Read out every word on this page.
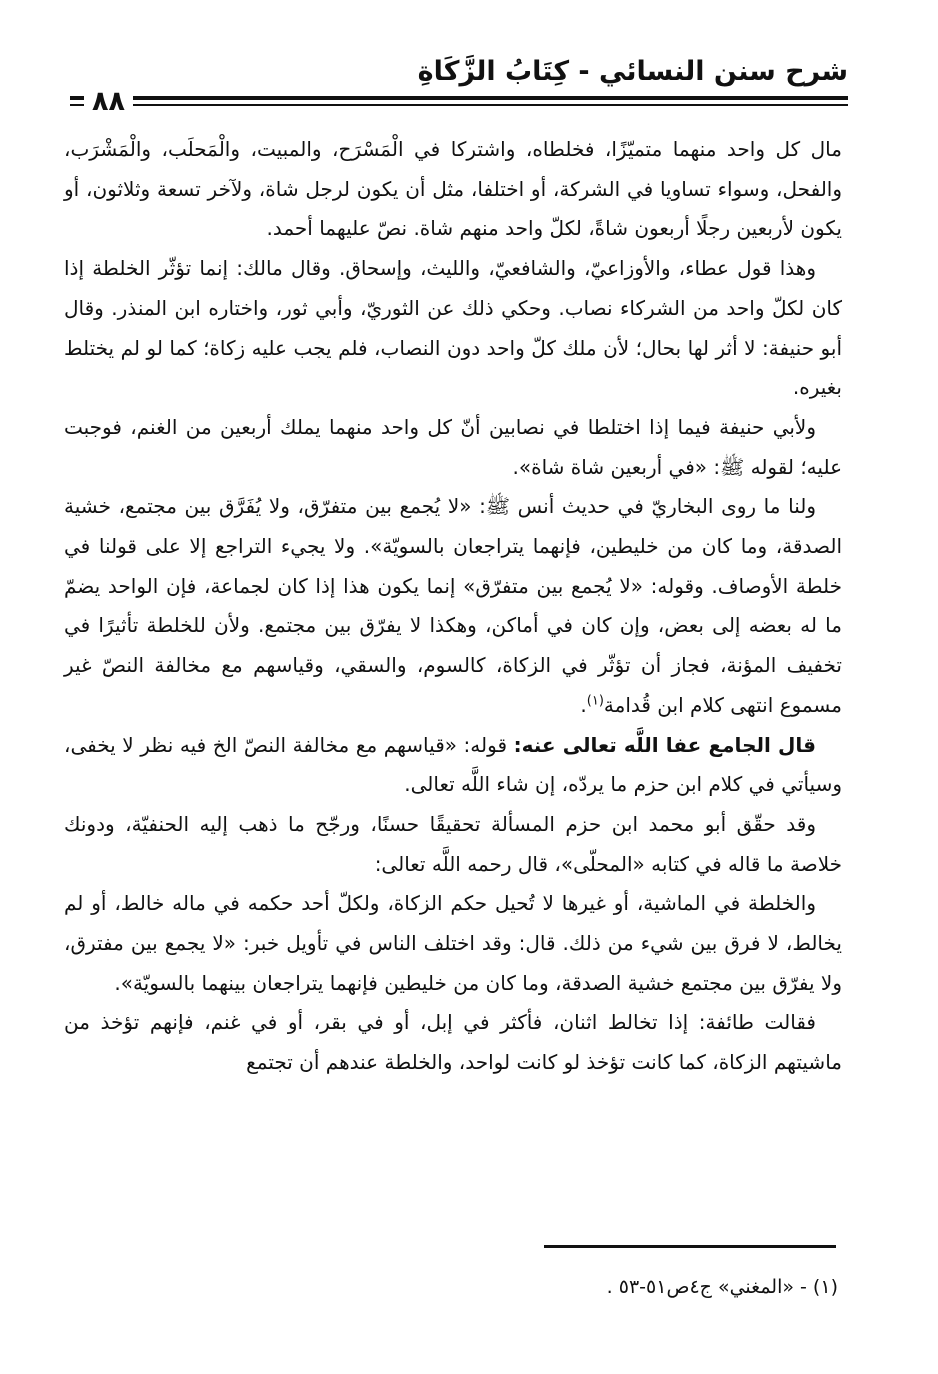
شرح سنن النسائي - كِتَابُ الزَّكَاةِ
٨٨

مال كل واحد منهما متميّزًا، فخلطاه، واشتركا في الْمَسْرَح، والمبيت، والْمَحلَب، والْمَشْرَب، والفحل، وسواء تساويا في الشركة، أو اختلفا، مثل أن يكون لرجل شاة، ولآخر تسعة وثلاثون، أو يكون لأربعين رجلًا أربعون شاةً، لكلّ واحد منهم شاة. نصّ عليهما أحمد.

وهذا قول عطاء، والأوزاعيّ، والشافعيّ، والليث، وإسحاق. وقال مالك: إنما تؤثّر الخلطة إذا كان لكلّ واحد من الشركاء نصاب. وحكي ذلك عن الثوريّ، وأبي ثور، واختاره ابن المنذر. وقال أبو حنيفة: لا أثر لها بحال؛ لأن ملك كلّ واحد دون النصاب، فلم يجب عليه زكاة؛ كما لو لم يختلط بغيره.

ولأبي حنيفة فيما إذا اختلطا في نصابين أنّ كل واحد منهما يملك أربعين من الغنم، فوجبت عليه؛ لقوله ﷺ: «في أربعين شاة شاة».

ولنا ما روى البخاريّ في حديث أنس ﷺ: «لا يُجمع بين متفرّق، ولا يُفَرَّق بين مجتمع، خشية الصدقة، وما كان من خليطين، فإنهما يتراجعان بالسويّة». ولا يجيء التراجع إلا على قولنا في خلطة الأوصاف. وقوله: «لا يُجمع بين متفرّق» إنما يكون هذا إذا كان لجماعة، فإن الواحد يضمّ ما له بعضه إلى بعض، وإن كان في أماكن، وهكذا لا يفرّق بين مجتمع. ولأن للخلطة تأثيرًا في تخفيف المؤنة، فجاز أن تؤثّر في الزكاة، كالسوم، والسقي، وقياسهم مع مخالفة النصّ غير مسموع انتهى كلام ابن قُدامة$^{(١)}$.

قال الجامع عفا اللَّه تعالى عنه: قوله: «قياسهم مع مخالفة النصّ الخ فيه نظر لا يخفى، وسيأتي في كلام ابن حزم ما يردّه، إن شاء اللَّه تعالى.

وقد حقّق أبو محمد ابن حزم المسألة تحقيقًا حسنًا، ورجّح ما ذهب إليه الحنفيّة، ودونك خلاصة ما قاله في كتابه «المحلّى»، قال رحمه اللَّه تعالى:

والخلطة في الماشية، أو غيرها لا تُحيل حكم الزكاة، ولكلّ أحد حكمه في ماله خالط، أو لم يخالط، لا فرق بين شيء من ذلك. قال: وقد اختلف الناس في تأويل خبر: «لا يجمع بين مفترق، ولا يفرّق بين مجتمع خشية الصدقة، وما كان من خليطين فإنهما يتراجعان بينهما بالسويّة».

فقالت طائفة: إذا تخالط اثنان، فأكثر في إبل، أو في بقر، أو في غنم، فإنهم تؤخذ من ماشيتهم الزكاة، كما كانت تؤخذ لو كانت لواحد، والخلطة عندهم أن تجتمع

(١) - «المغني» ج٤ص٥١-٥٣ .
